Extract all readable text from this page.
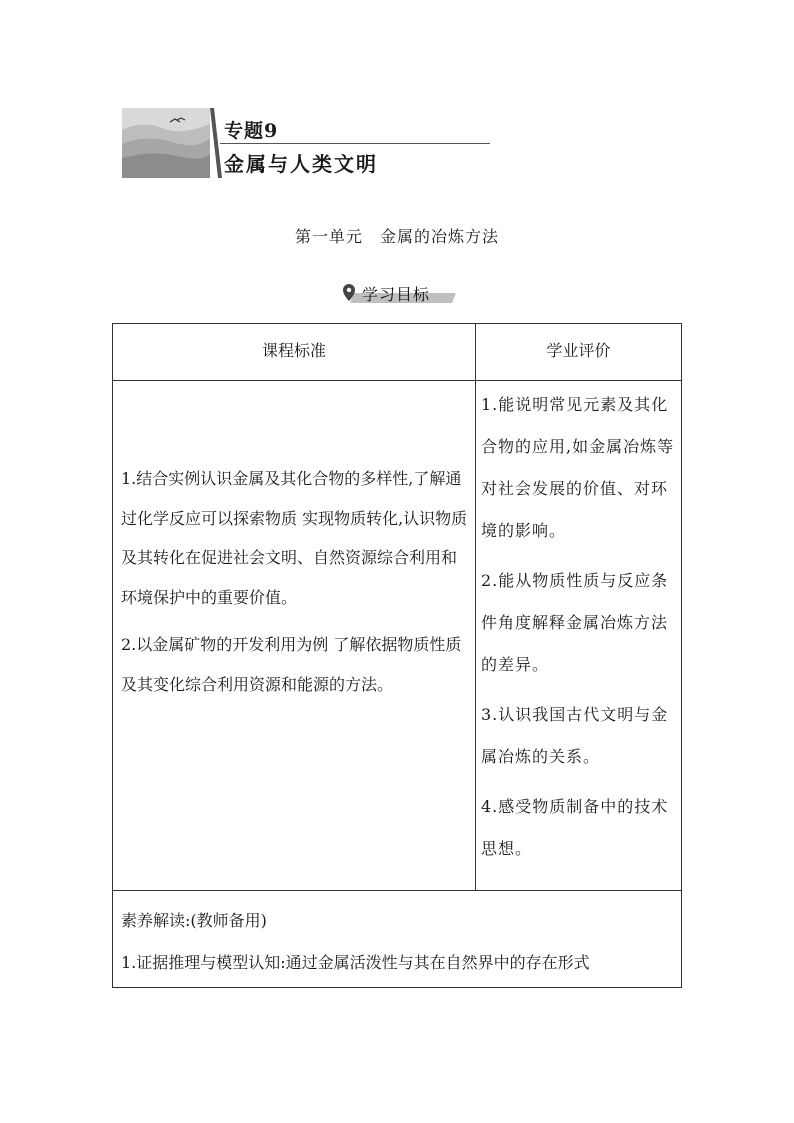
专题9
金属与人类文明
第一单元　金属的冶炼方法
学习目标
课程标准	学业评价

1.结合实例认识金属及其化合物的多样性,了解通过化学反应可以探索物质 实现物质转化,认识物质及其转化在促进社会文明、自然资源综合利用和环境保护中的重要价值。

2.以金属矿物的开发利用为例 了解依据物质性质及其变化综合利用资源和能源的方法。

1.能说明常见元素及其化合物的应用,如金属冶炼等对社会发展的价值、对环境的影响。

2.能从物质性质与反应条件角度解释金属冶炼方法的差异。

3.认识我国古代文明与金属冶炼的关系。

4.感受物质制备中的技术思想。

素养解读:(教师备用)
1.证据推理与模型认知:通过金属活泼性与其在自然界中的存在形式
